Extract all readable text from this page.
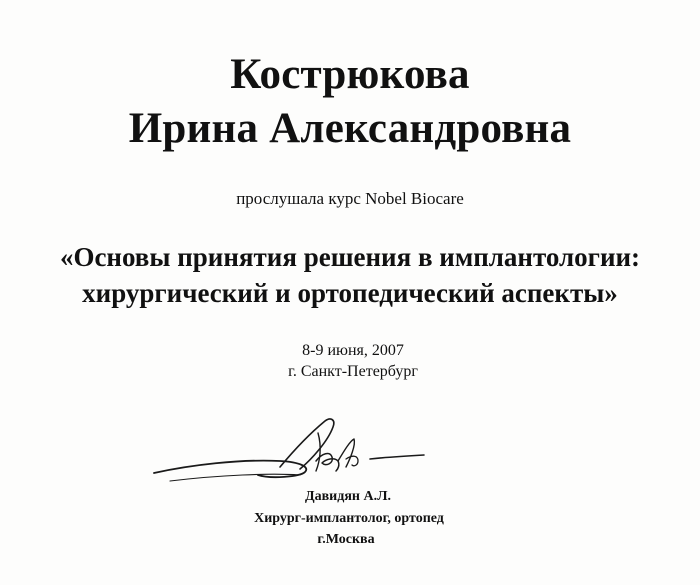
Кострюкова
Ирина Александровна
прослушала курс Nobel Biocare
«Основы принятия решения в имплантологии:
хирургический и ортопедический аспекты»
8-9 июня, 2007
г. Санкт-Петербург
Давидян А.Л.
Хирург-имплантолог, ортопед
г.Москва
